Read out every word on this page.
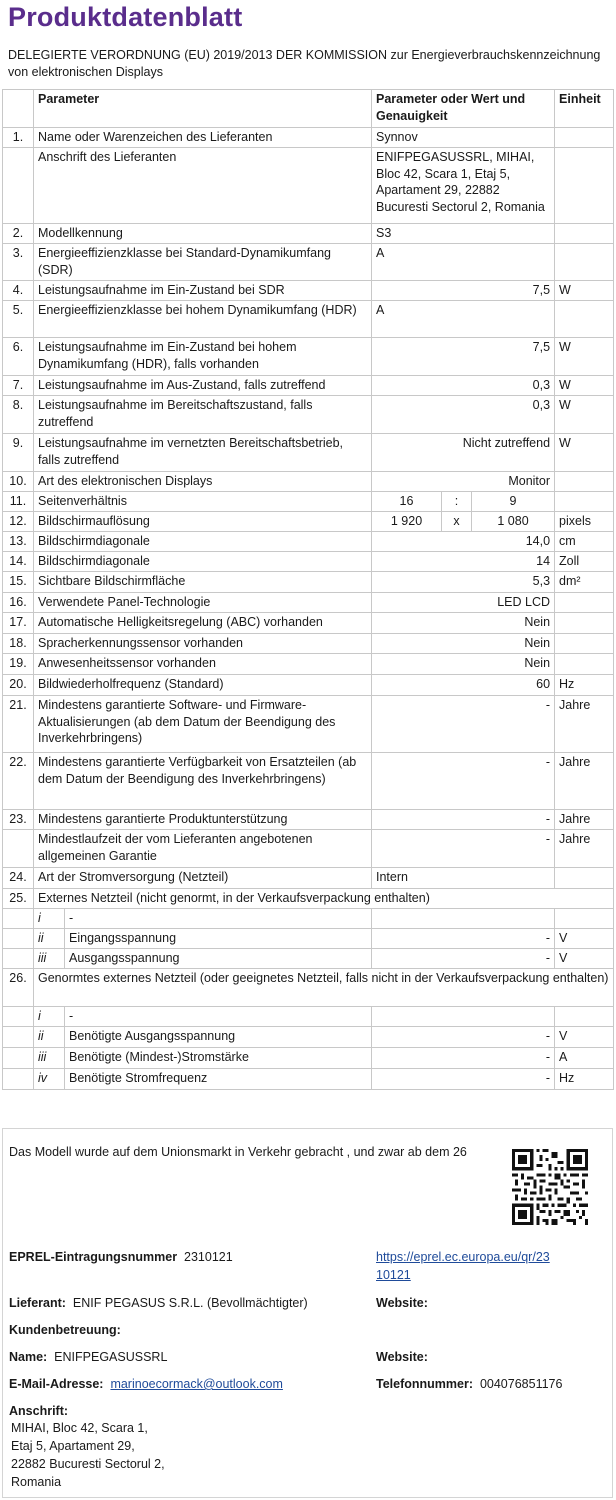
Produktdatenblatt
DELEGIERTE VERORDNUNG (EU) 2019/2013 DER KOMMISSION zur Energieverbrauchskennzeichnung von elektronischen Displays
	Parameter		Parameter oder Wert und Genauigkeit			Einheit
1.	Name oder Warenzeichen des Lieferanten		Synnov			
	Anschrift des Lieferanten		ENIFPEGASUSSRL, MIHAI, Bloc 42, Scara 1, Etaj 5, Apartament 29, 22882 Bucuresti Sectorul 2, Romania			
2.	Modellkennung		S3			
3.	Energieeffizienzklasse bei Standard-Dynamikumfang (SDR)		A			
4.	Leistungsaufnahme im Ein-Zustand bei SDR		7,5			W
5.	Energieeffizienzklasse bei hohem Dynamikumfang (HDR)		A			
6.	Leistungsaufnahme im Ein-Zustand bei hohem Dynamikumfang (HDR), falls vorhanden		7,5			W
7.	Leistungsaufnahme im Aus-Zustand, falls zutreffend		0,3			W
8.	Leistungsaufnahme im Bereitschaftszustand, falls zutreffend		0,3			W
9.	Leistungsaufnahme im vernetzten Bereitschaftsbetrieb, falls zutreffend		Nicht zutreffend			W
10.	Art des elektronischen Displays		Monitor			
11.	Seitenverhältnis		16	:	9	
12.	Bildschirmauflösung		1 920	x	1 080	pixels
13.	Bildschirmdiagonale		14,0			cm
14.	Bildschirmdiagonale		14			Zoll
15.	Sichtbare Bildschirmfläche		5,3			dm²
16.	Verwendete Panel-Technologie		LED LCD			
17.	Automatische Helligkeitsregelung (ABC) vorhanden		Nein			
18.	Spracherkennungssensor vorhanden		Nein			
19.	Anwesenheitssensor vorhanden		Nein			
20.	Bildwiederholfrequenz (Standard)		60			Hz
21.	Mindestens garantierte Software- und Firmware-Aktualisierungen (ab dem Datum der Beendigung des Inverkehrbringens)		-			Jahre
22.	Mindestens garantierte Verfügbarkeit von Ersatzteilen (ab dem Datum der Beendigung des Inverkehrbringens)		-			Jahre
23.	Mindestens garantierte Produktunterstützung		-			Jahre
	Mindestlaufzeit der vom Lieferanten angebotenen allgemeinen Garantie		-			Jahre
24.	Art der Stromversorgung (Netzteil)		Intern			
25.	Externes Netzteil (nicht genormt, in der Verkaufsverpackung enthalten)					
	i	-				
	ii	Eingangsspannung	-			V
	iii	Ausgangsspannung	-			V
26.	Genormtes externes Netzteil (oder geeignetes Netzteil, falls nicht in der Verkaufsverpackung enthalten)					
	i	-				
	ii	Benötigte Ausgangsspannung	-			V
	iii	Benötigte (Mindest-)Stromstärke	-			A
	iv	Benötigte Stromfrequenz	-			Hz
Das Modell wurde auf dem Unionsmarkt in Verkehr gebracht , und zwar ab dem 26
EPREL-Eintragungsnummer 2310121	https://eprel.ec.europa.eu/qr/23
10121
Lieferant: ENIF PEGASUS S.R.L. (Bevollmächtigter)	Website:
Kundenbetreuung:
Name: ENIFPEGASUSSRL	Website:
E-Mail-Adresse: marinoecormack@outlook.com	Telefonnummer: 004076851176
Anschrift:
MIHAI, Bloc 42, Scara 1,
Etaj 5, Apartament 29,
22882 Bucuresti Sectorul 2,
Romania
